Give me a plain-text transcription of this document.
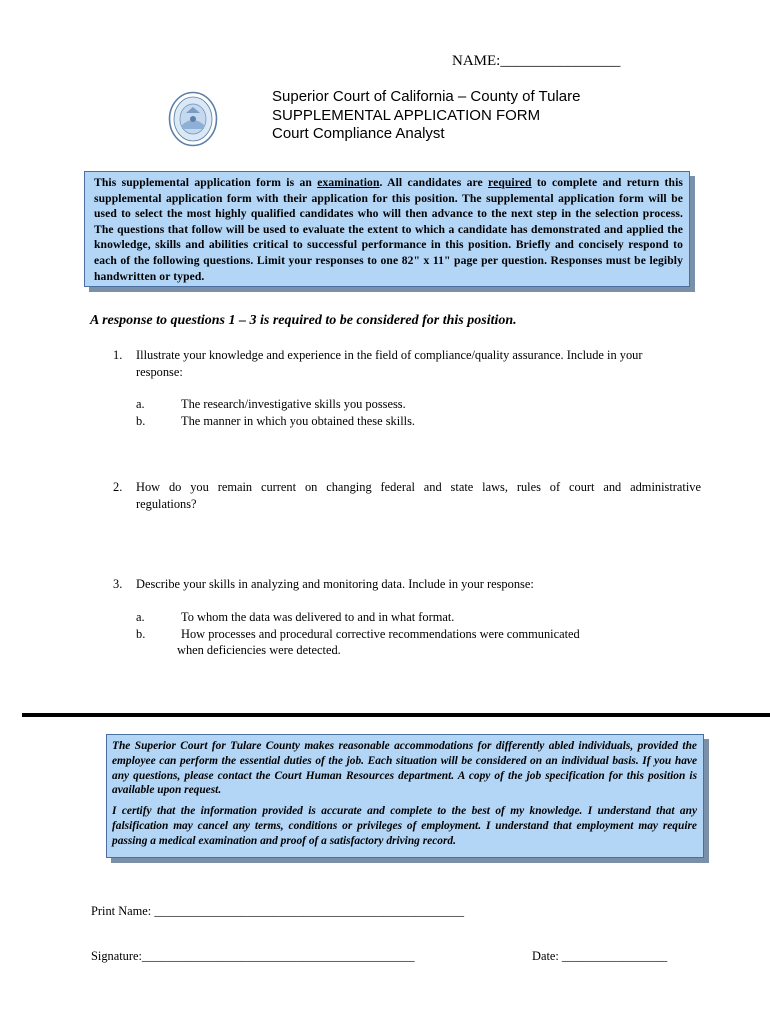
NAME:________________
Superior Court of California – County of Tulare
SUPPLEMENTAL APPLICATION FORM
Court Compliance Analyst
This supplemental application form is an examination. All candidates are required to complete and return this supplemental application form with their application for this position. The supplemental application form will be used to select the most highly qualified candidates who will then advance to the next step in the selection process. The questions that follow will be used to evaluate the extent to which a candidate has demonstrated and applied the knowledge, skills and abilities critical to successful performance in this position. Briefly and concisely respond to each of the following questions. Limit your responses to one 82" x 11" page per question. Responses must be legibly handwritten or typed.
A response to questions 1 – 3 is required to be considered for this position.
1. Illustrate your knowledge and experience in the field of compliance/quality assurance. Include in your
response:
a.	The research/investigative skills you possess.
b.	The manner in which you obtained these skills.
2. How do you remain current on changing federal and state laws, rules of court and administrative
regulations?
3. Describe your skills in analyzing and monitoring data. Include in your response:
a.	To whom the data was delivered to and in what format.
b.	How processes and procedural corrective recommendations were communicated
when deficiencies were detected.

The Superior Court for Tulare County makes reasonable accommodations for differently abled individuals, provided the employee can perform the essential duties of the job. Each situation will be considered on an individual basis. If you have any questions, please contact the Court Human Resources department. A copy of the job specification for this position is available upon request.

I certify that the information provided is accurate and complete to the best of my knowledge. I understand that any falsification may cancel any terms, conditions or privileges of employment. I understand that employment may require passing a medical examination and proof of a satisfactory driving record.

Print Name: __________________________________________________
Signature:____________________________________________	Date: _________________
